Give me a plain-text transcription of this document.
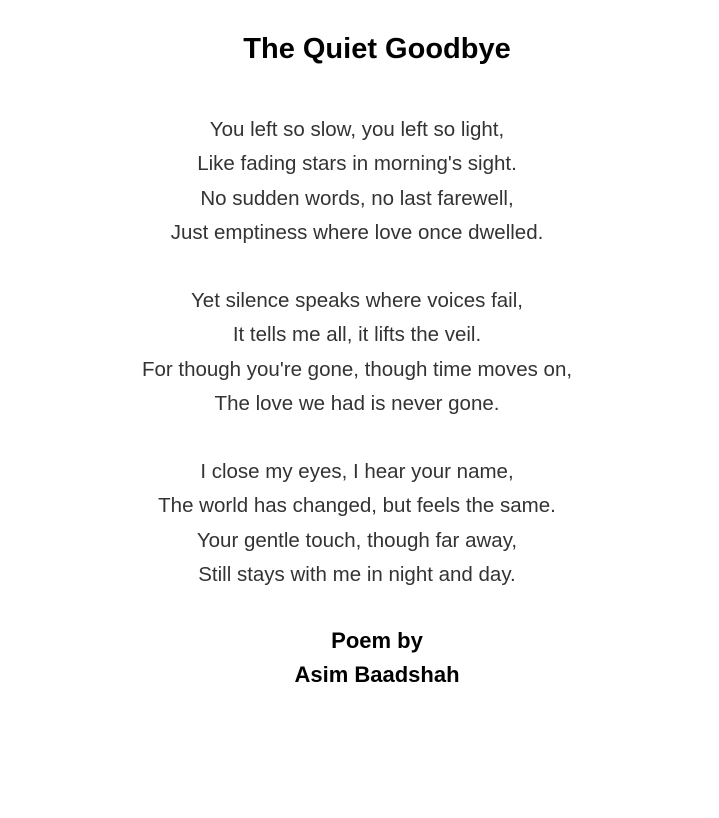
The Quiet Goodbye
You left so slow, you left so light,
Like fading stars in morning's sight.
No sudden words, no last farewell,
Just emptiness where love once dwelled.
Yet silence speaks where voices fail,
It tells me all, it lifts the veil.
For though you're gone, though time moves on,
The love we had is never gone.
I close my eyes, I hear your name,
The world has changed, but feels the same.
Your gentle touch, though far away,
Still stays with me in night and day.
Poem by
Asim Baadshah
